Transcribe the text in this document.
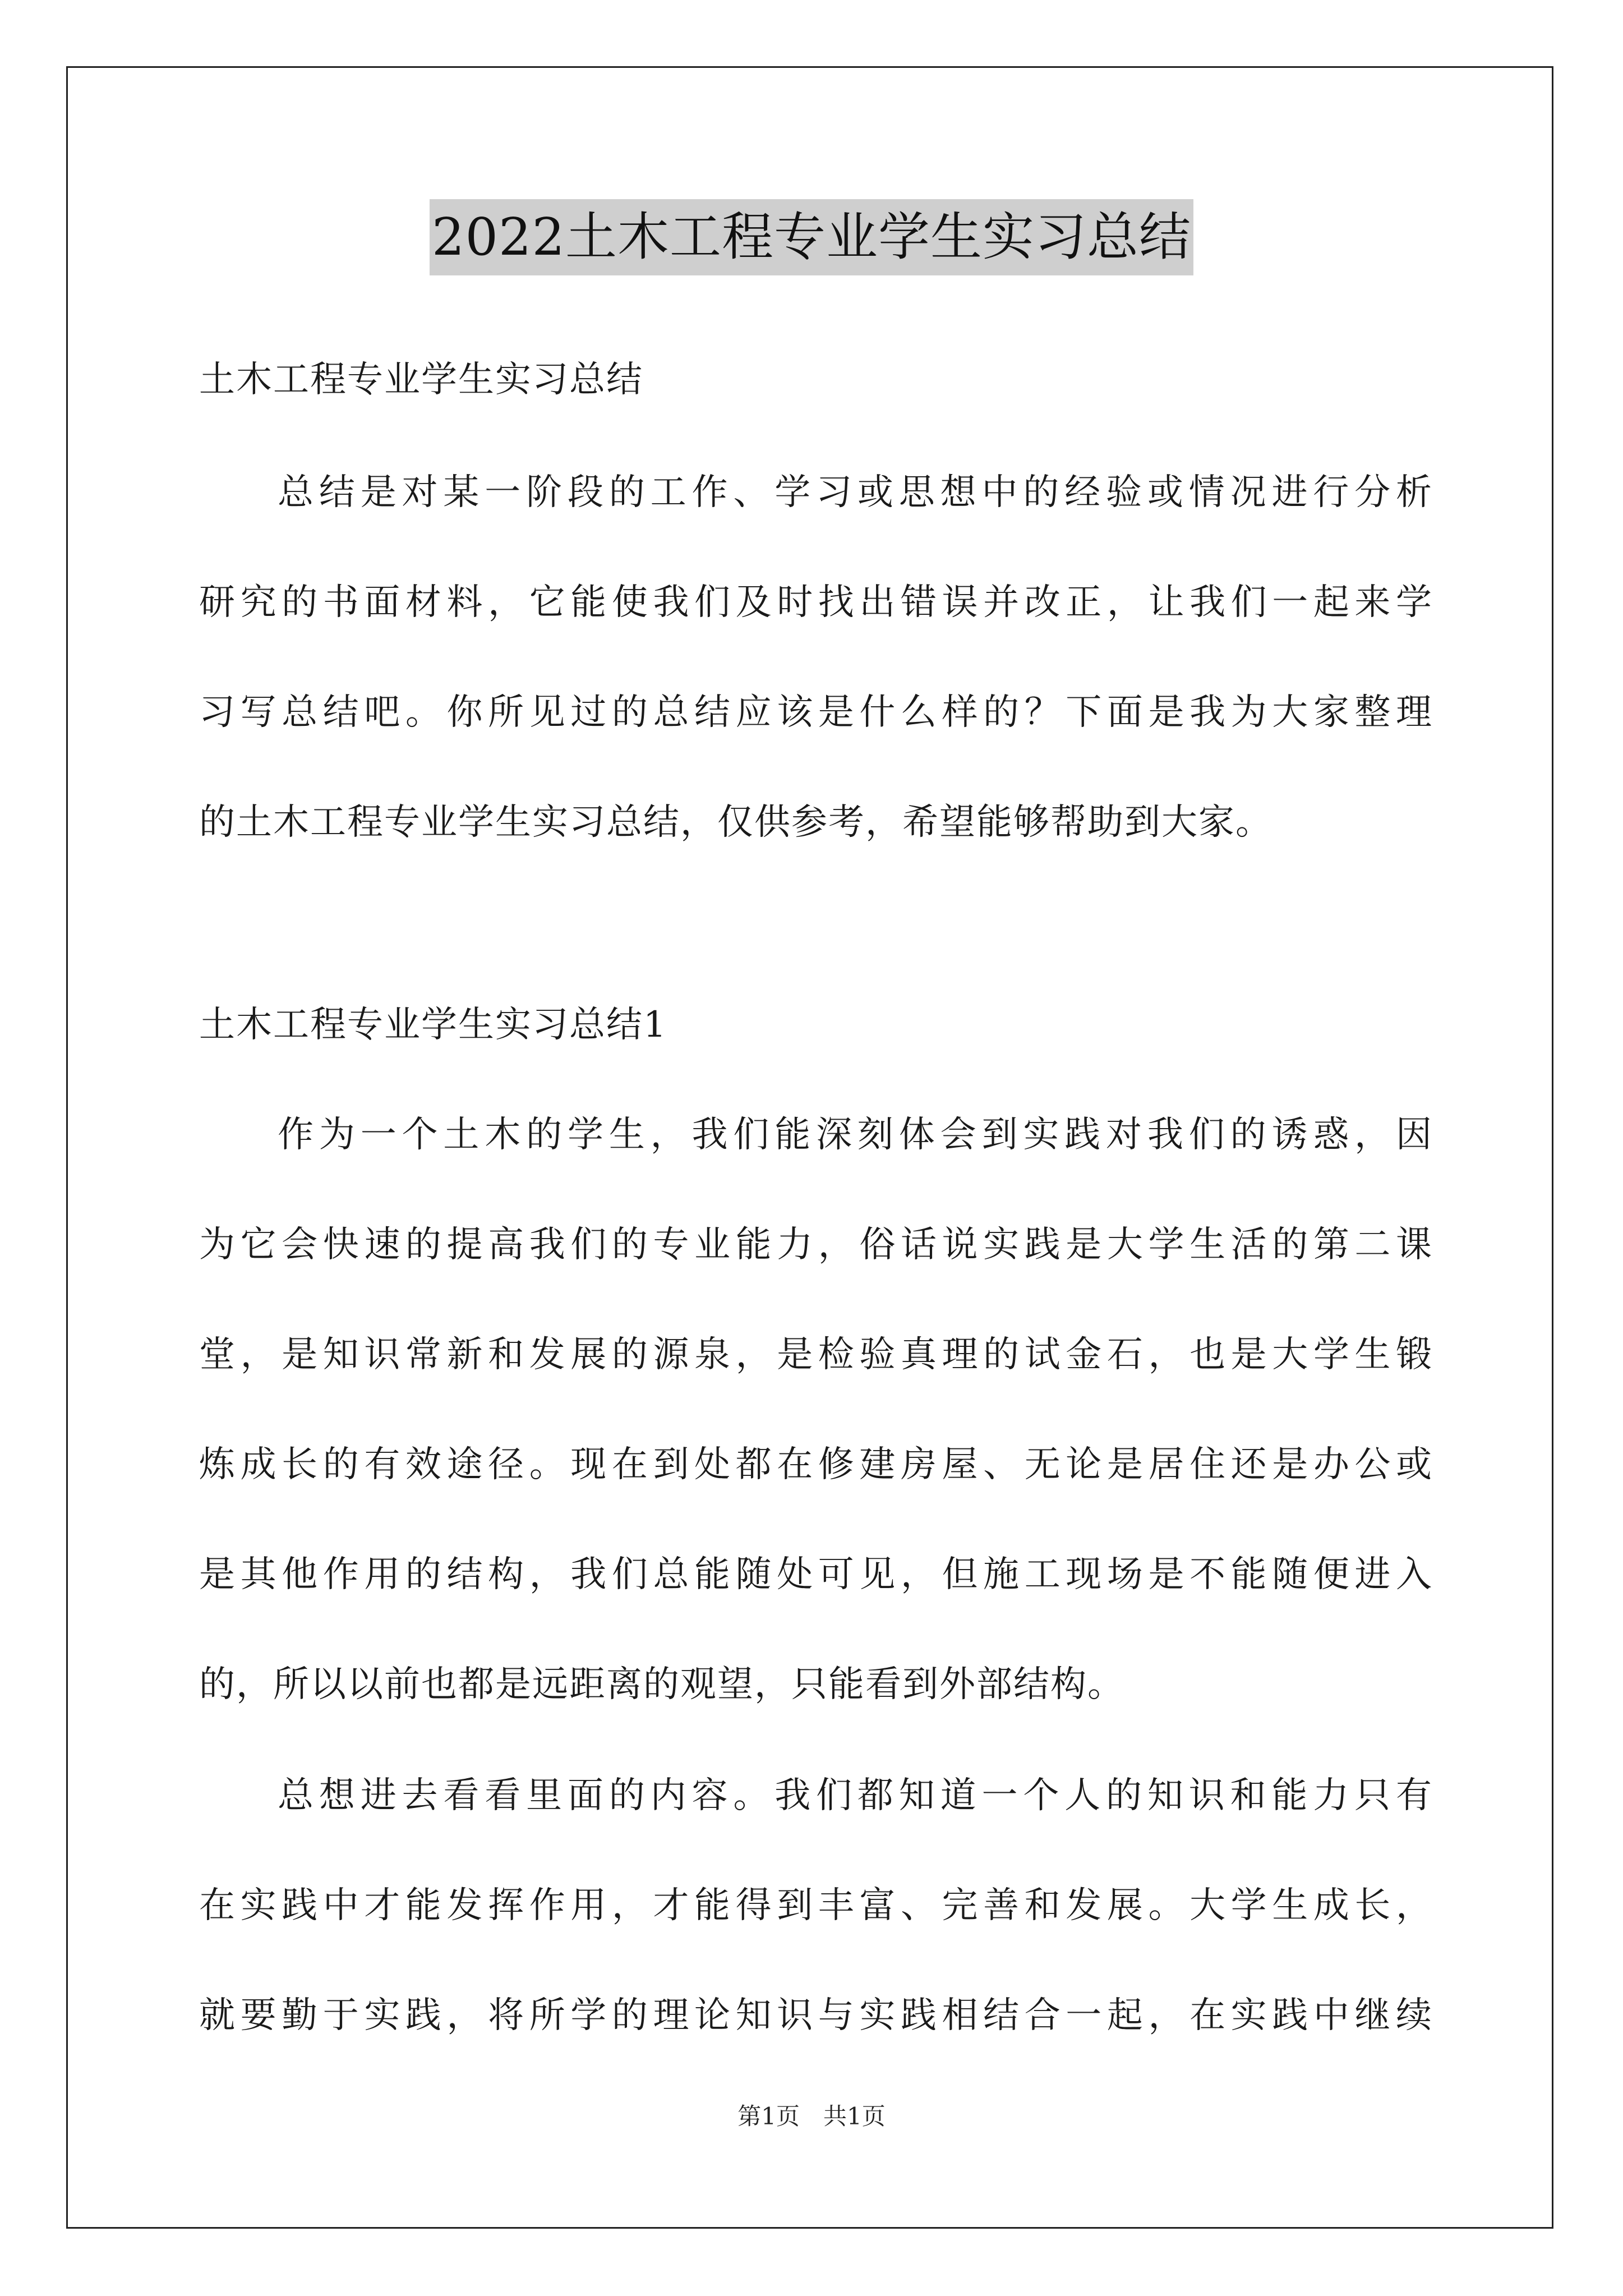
2022土木工程专业学生实习总结
土木工程专业学生实习总结
总结是对某一阶段的工作、学习或思想中的经验或情况进行分析
研究的书面材料，它能使我们及时找出错误并改正，让我们一起来学
习写总结吧。你所见过的总结应该是什么样的？下面是我为大家整理
的土木工程专业学生实习总结，仅供参考，希望能够帮助到大家。
土木工程专业学生实习总结1
作为一个土木的学生，我们能深刻体会到实践对我们的诱惑，因
为它会快速的提高我们的专业能力，俗话说实践是大学生活的第二课
堂，是知识常新和发展的源泉，是检验真理的试金石，也是大学生锻
炼成长的有效途径。现在到处都在修建房屋、无论是居住还是办公或
是其他作用的结构，我们总能随处可见，但施工现场是不能随便进入
的，所以以前也都是远距离的观望，只能看到外部结构。
总想进去看看里面的内容。我们都知道一个人的知识和能力只有
在实践中才能发挥作用，才能得到丰富、完善和发展。大学生成长，
就要勤于实践，将所学的理论知识与实践相结合一起，在实践中继续
第1页　共1页
